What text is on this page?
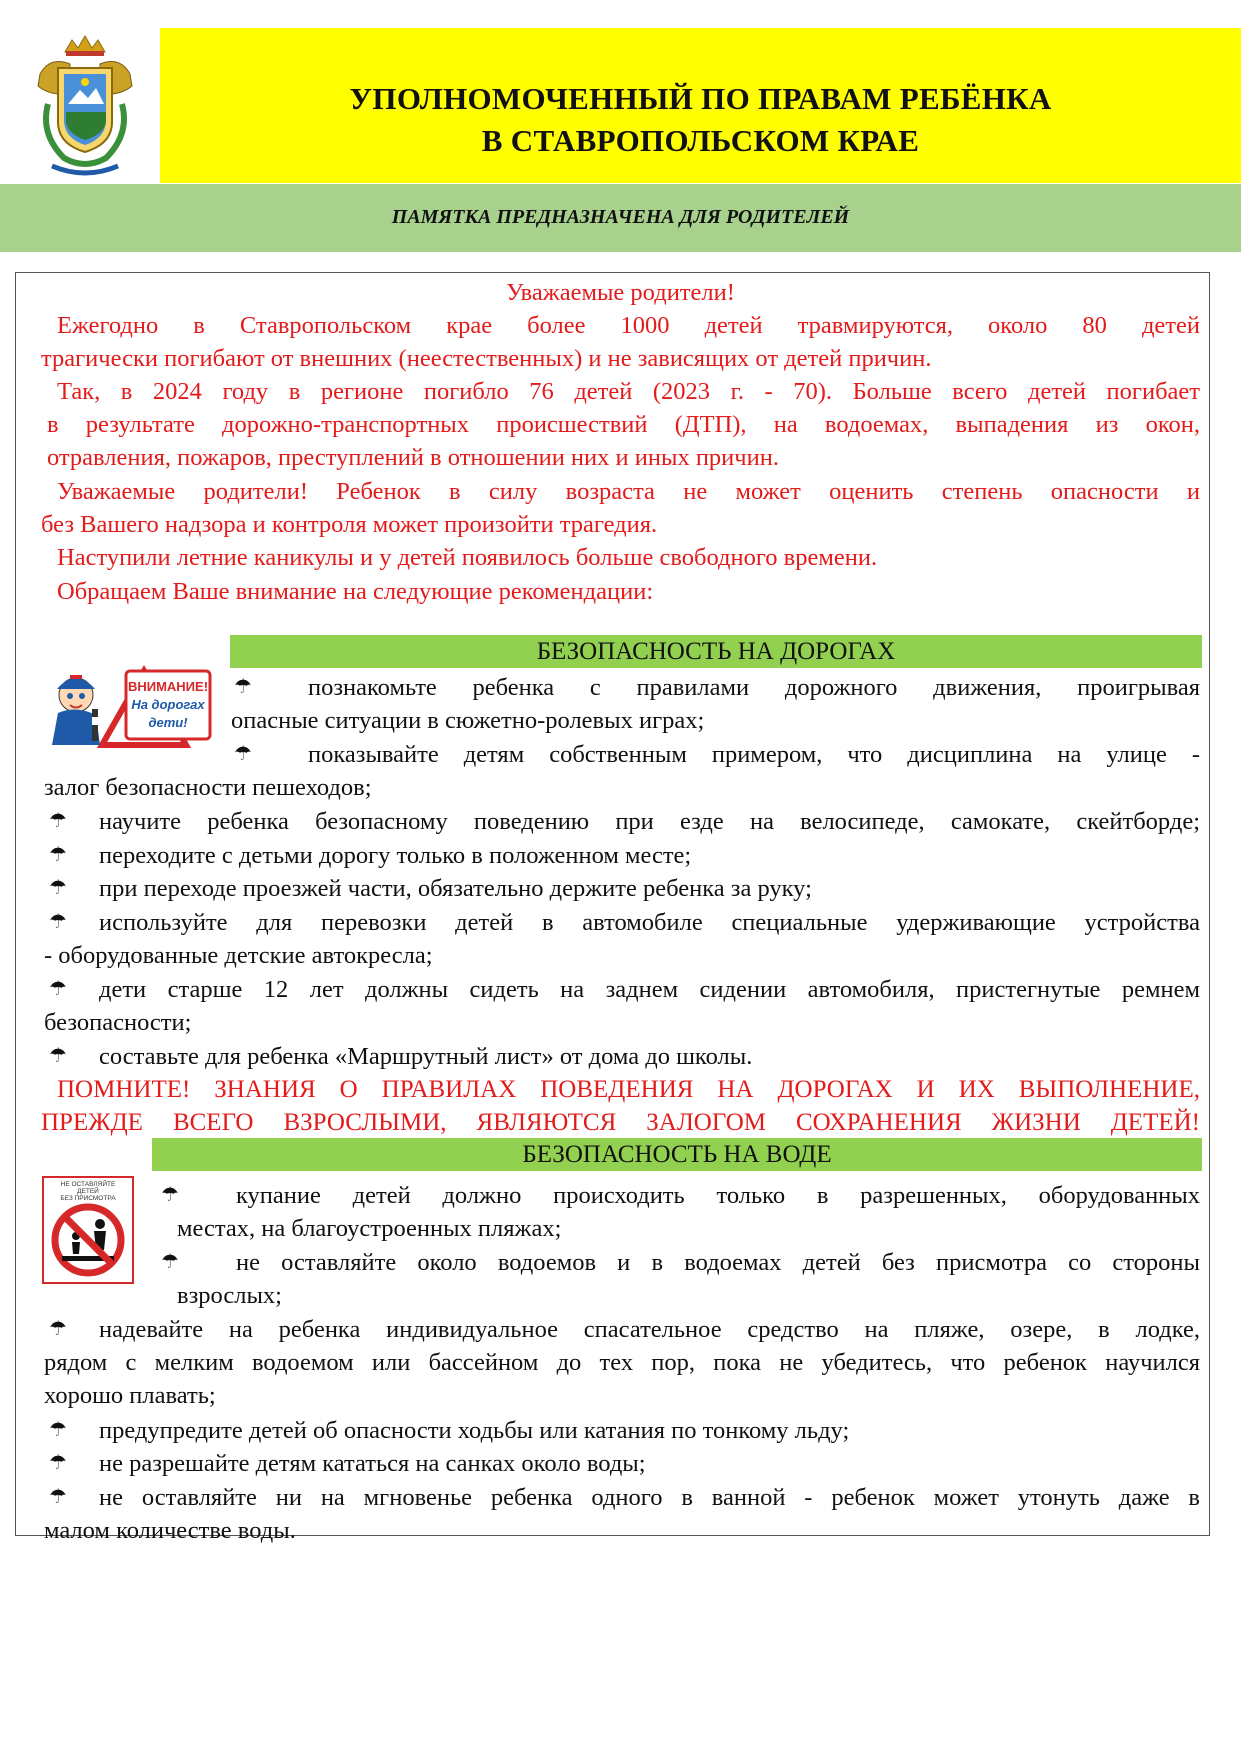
УПОЛНОМОЧЕННЫЙ ПО ПРАВАМ РЕБЁНКА
В СТАВРОПОЛЬСКОМ КРАЕ
ПАМЯТКА ПРЕДНАЗНАЧЕНА ДЛЯ РОДИТЕЛЕЙ
Уважаемые родители!
Ежегодно в Ставропольском крае более 1000 детей травмируются, около 80 детей
трагически погибают от внешних (неестественных) и не зависящих от детей причин.
Так, в 2024 году в регионе погибло 76 детей (2023 г. - 70). Больше всего детей погибает
в результате дорожно-транспортных происшествий (ДТП), на водоемах, выпадения из окон,
отравления, пожаров, преступлений в отношении них и иных причин.
Уважаемые родители! Ребенок в силу возраста не может оценить степень опасности и
без Вашего надзора и контроля может произойти трагедия.
Наступили летние каникулы и у детей появилось больше свободного времени.
Обращаем Ваше внимание на следующие рекомендации:
БЕЗОПАСНОСТЬ НА ДОРОГАХ
ВНИМАНИЕ!
На дорогах
дети!
☂ познакомьте ребенка с правилами дорожного движения, проигрывая
опасные ситуации в сюжетно-ролевых играх;
☂ показывайте детям собственным примером, что дисциплина на улице -
залог безопасности пешеходов;
☂ научите ребенка безопасному поведению при езде на велосипеде, самокате, скейтборде;
☂ переходите с детьми дорогу только в положенном месте;
☂ при переходе проезжей части, обязательно держите ребенка за руку;
☂ используйте для перевозки детей в автомобиле специальные удерживающие устройства
- оборудованные детские автокресла;
☂ дети старше 12 лет должны сидеть на заднем сидении автомобиля, пристегнутые ремнем
безопасности;
☂ составьте для ребенка «Маршрутный лист» от дома до школы.
ПОМНИТЕ! ЗНАНИЯ О ПРАВИЛАХ ПОВЕДЕНИЯ НА ДОРОГАХ И ИХ ВЫПОЛНЕНИЕ,
ПРЕЖДЕ ВСЕГО ВЗРОСЛЫМИ, ЯВЛЯЮТСЯ ЗАЛОГОМ СОХРАНЕНИЯ ЖИЗНИ ДЕТЕЙ!
БЕЗОПАСНОСТЬ НА ВОДЕ
НЕ ОСТАВЛЯЙТЕ
ДЕТЕЙ
БЕЗ ПРИСМОТРА ☂ купание детей должно происходить только в разрешенных, оборудованных
местах, на благоустроенных пляжах;
☂ не оставляйте около водоемов и в водоемах детей без присмотра со стороны
взрослых;
☂ надевайте на ребенка индивидуальное спасательное средство на пляже, озере, в лодке,
рядом с мелким водоемом или бассейном до тех пор, пока не убедитесь, что ребенок научился
хорошо плавать;
☂ предупредите детей об опасности ходьбы или катания по тонкому льду;
☂ не разрешайте детям кататься на санках около воды;
☂ не оставляйте ни на мгновенье ребенка одного в ванной - ребенок может утонуть даже в
малом количестве воды.
